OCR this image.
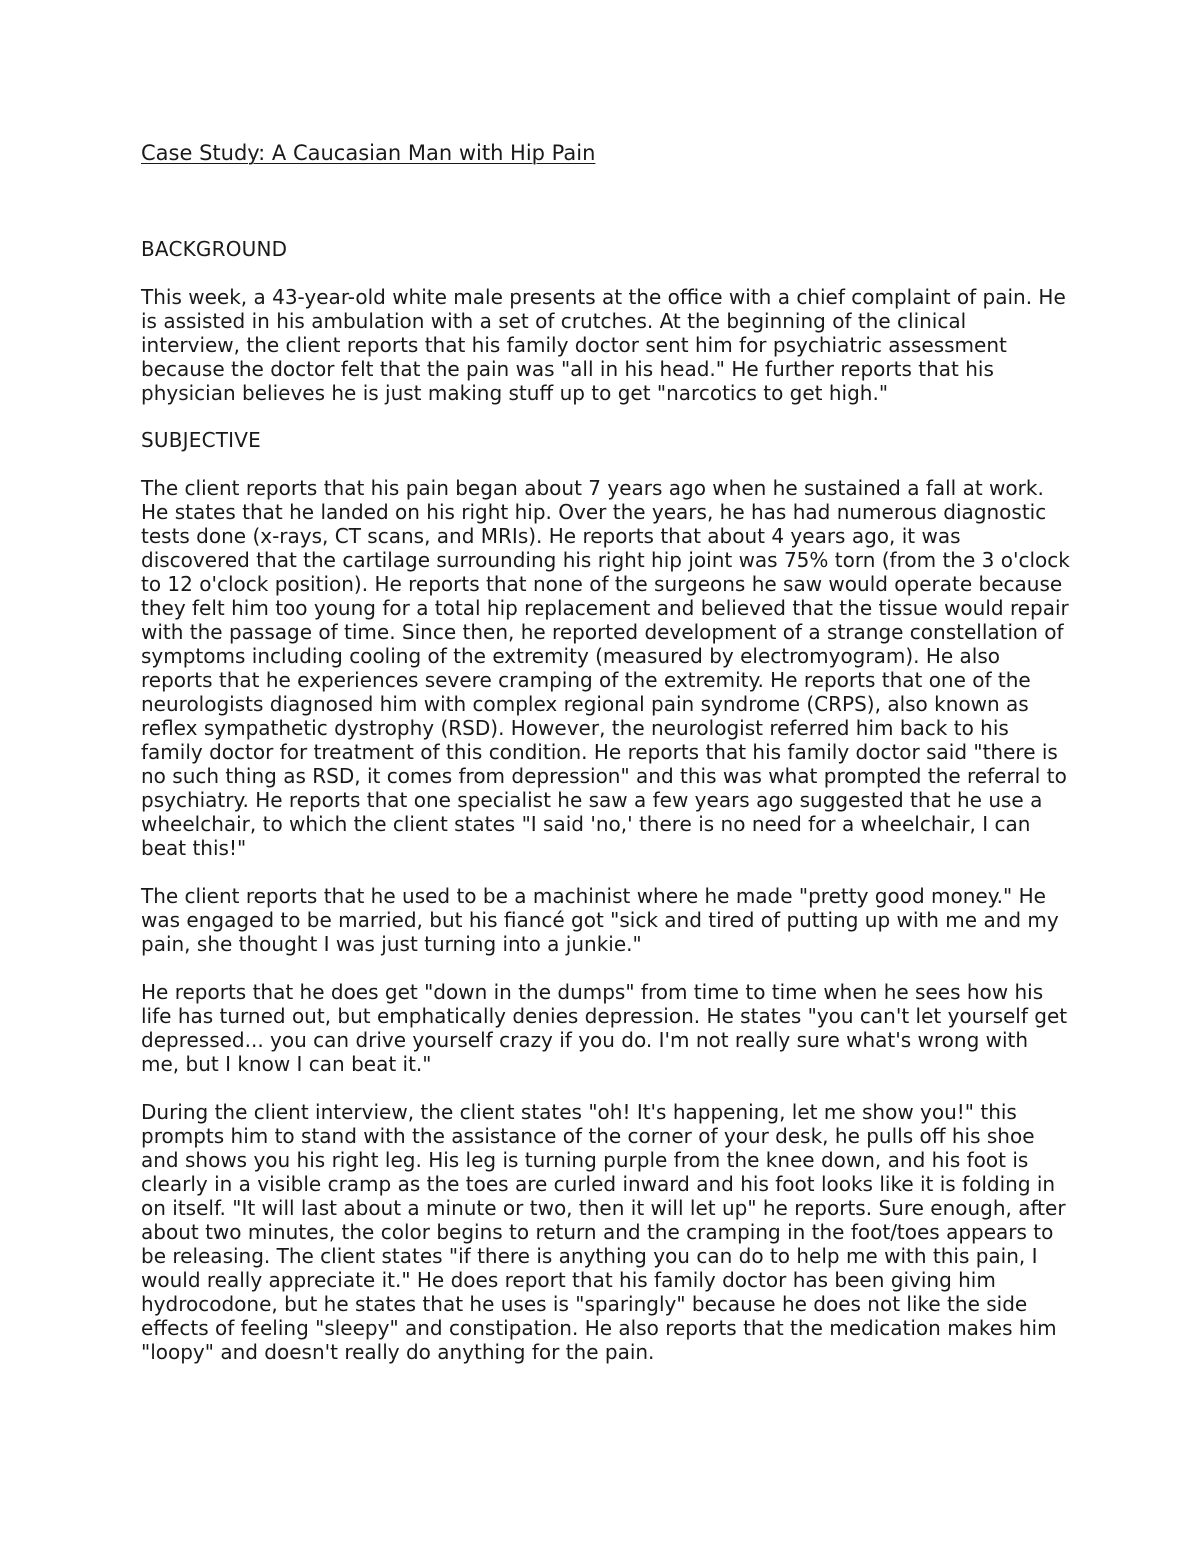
Case Study: A Caucasian Man with Hip Pain
BACKGROUND

This week, a 43-year-old white male presents at the office with a chief complaint of pain. He is assisted in his ambulation with a set of crutches. At the beginning of the clinical interview, the client reports that his family doctor sent him for psychiatric assessment because the doctor felt that the pain was "all in his head." He further reports that his physician believes he is just making stuff up to get "narcotics to get high."

SUBJECTIVE

The client reports that his pain began about 7 years ago when he sustained a fall at work. He states that he landed on his right hip. Over the years, he has had numerous diagnostic tests done (x-rays, CT scans, and MRIs). He reports that about 4 years ago, it was discovered that the cartilage surrounding his right hip joint was 75% torn (from the 3 o'clock to 12 o'clock position). He reports that none of the surgeons he saw would operate because they felt him too young for a total hip replacement and believed that the tissue would repair with the passage of time. Since then, he reported development of a strange constellation of symptoms including cooling of the extremity (measured by electromyogram). He also reports that he experiences severe cramping of the extremity. He reports that one of the neurologists diagnosed him with complex regional pain syndrome (CRPS), also known as reflex sympathetic dystrophy (RSD). However, the neurologist referred him back to his family doctor for treatment of this condition. He reports that his family doctor said "there is no such thing as RSD, it comes from depression" and this was what prompted the referral to psychiatry. He reports that one specialist he saw a few years ago suggested that he use a wheelchair, to which the client states "I said 'no,' there is no need for a wheelchair, I can beat this!"

The client reports that he used to be a machinist where he made "pretty good money." He was engaged to be married, but his fiancé got "sick and tired of putting up with me and my pain, she thought I was just turning into a junkie."

He reports that he does get "down in the dumps" from time to time when he sees how his life has turned out, but emphatically denies depression. He states "you can't let yourself get depressed... you can drive yourself crazy if you do. I'm not really sure what's wrong with me, but I know I can beat it."

During the client interview, the client states "oh! It's happening, let me show you!" this prompts him to stand with the assistance of the corner of your desk, he pulls off his shoe and shows you his right leg. His leg is turning purple from the knee down, and his foot is clearly in a visible cramp as the toes are curled inward and his foot looks like it is folding in on itself. "It will last about a minute or two, then it will let up" he reports. Sure enough, after about two minutes, the color begins to return and the cramping in the foot/toes appears to be releasing. The client states "if there is anything you can do to help me with this pain, I would really appreciate it." He does report that his family doctor has been giving him hydrocodone, but he states that he uses is "sparingly" because he does not like the side effects of feeling "sleepy" and constipation. He also reports that the medication makes him "loopy" and doesn't really do anything for the pain.
